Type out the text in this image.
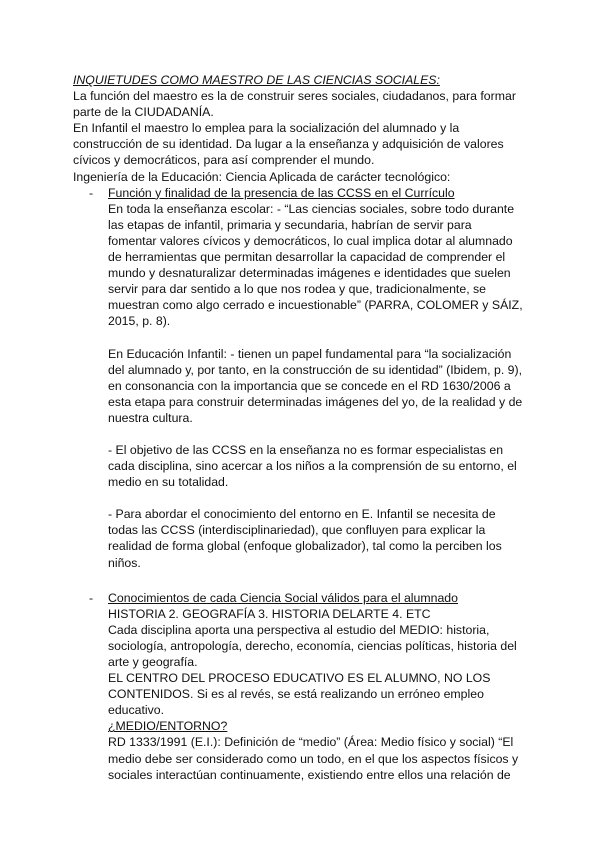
INQUIETUDES COMO MAESTRO DE LAS CIENCIAS SOCIALES:

La función del maestro es la de construir seres sociales, ciudadanos, para formar parte de la CIUDADANÍA.

En Infantil el maestro lo emplea para la socialización del alumnado y la construcción de su identidad. Da lugar a la enseñanza y adquisición de valores cívicos y democráticos, para así comprender el mundo.

Ingeniería de la Educación: Ciencia Aplicada de carácter tecnológico:

- Función y finalidad de la presencia de las CCSS en el Currículo

En toda la enseñanza escolar: - “Las ciencias sociales, sobre todo durante las etapas de infantil, primaria y secundaria, habrían de servir para fomentar valores cívicos y democráticos, lo cual implica dotar al alumnado de herramientas que permitan desarrollar la capacidad de comprender el mundo y desnaturalizar determinadas imágenes e identidades que suelen servir para dar sentido a lo que nos rodea y que, tradicionalmente, se muestran como algo cerrado e incuestionable” (PARRA, COLOMER y SÁIZ, 2015, p. 8).

En Educación Infantil: - tienen un papel fundamental para “la socialización del alumnado y, por tanto, en la construcción de su identidad” (Ibidem, p. 9), en consonancia con la importancia que se concede en el RD 1630/2006 a esta etapa para construir determinadas imágenes del yo, de la realidad y de nuestra cultura.

- El objetivo de las CCSS en la enseñanza no es formar especialistas en cada disciplina, sino acercar a los niños a la comprensión de su entorno, el medio en su totalidad.

- Para abordar el conocimiento del entorno en E. Infantil se necesita de todas las CCSS (interdisciplinariedad), que confluyen para explicar la realidad de forma global (enfoque globalizador), tal como la perciben los niños.

- Conocimientos de cada Ciencia Social válidos para el alumnado

HISTORIA 2. GEOGRAFÍA 3. HISTORIA DELARTE 4. ETC

Cada disciplina aporta una perspectiva al estudio del MEDIO: historia, sociología, antropología, derecho, economía, ciencias políticas, historia del arte y geografía.

EL CENTRO DEL PROCESO EDUCATIVO ES EL ALUMNO, NO LOS CONTENIDOS. Si es al revés, se está realizando un erróneo empleo educativo.

¿MEDIO/ENTORNO?

RD 1333/1991 (E.I.): Definición de “medio” (Área: Medio físico y social) “El medio debe ser considerado como un todo, en el que los aspectos físicos y sociales interactúan continuamente, existiendo entre ellos una relación de
